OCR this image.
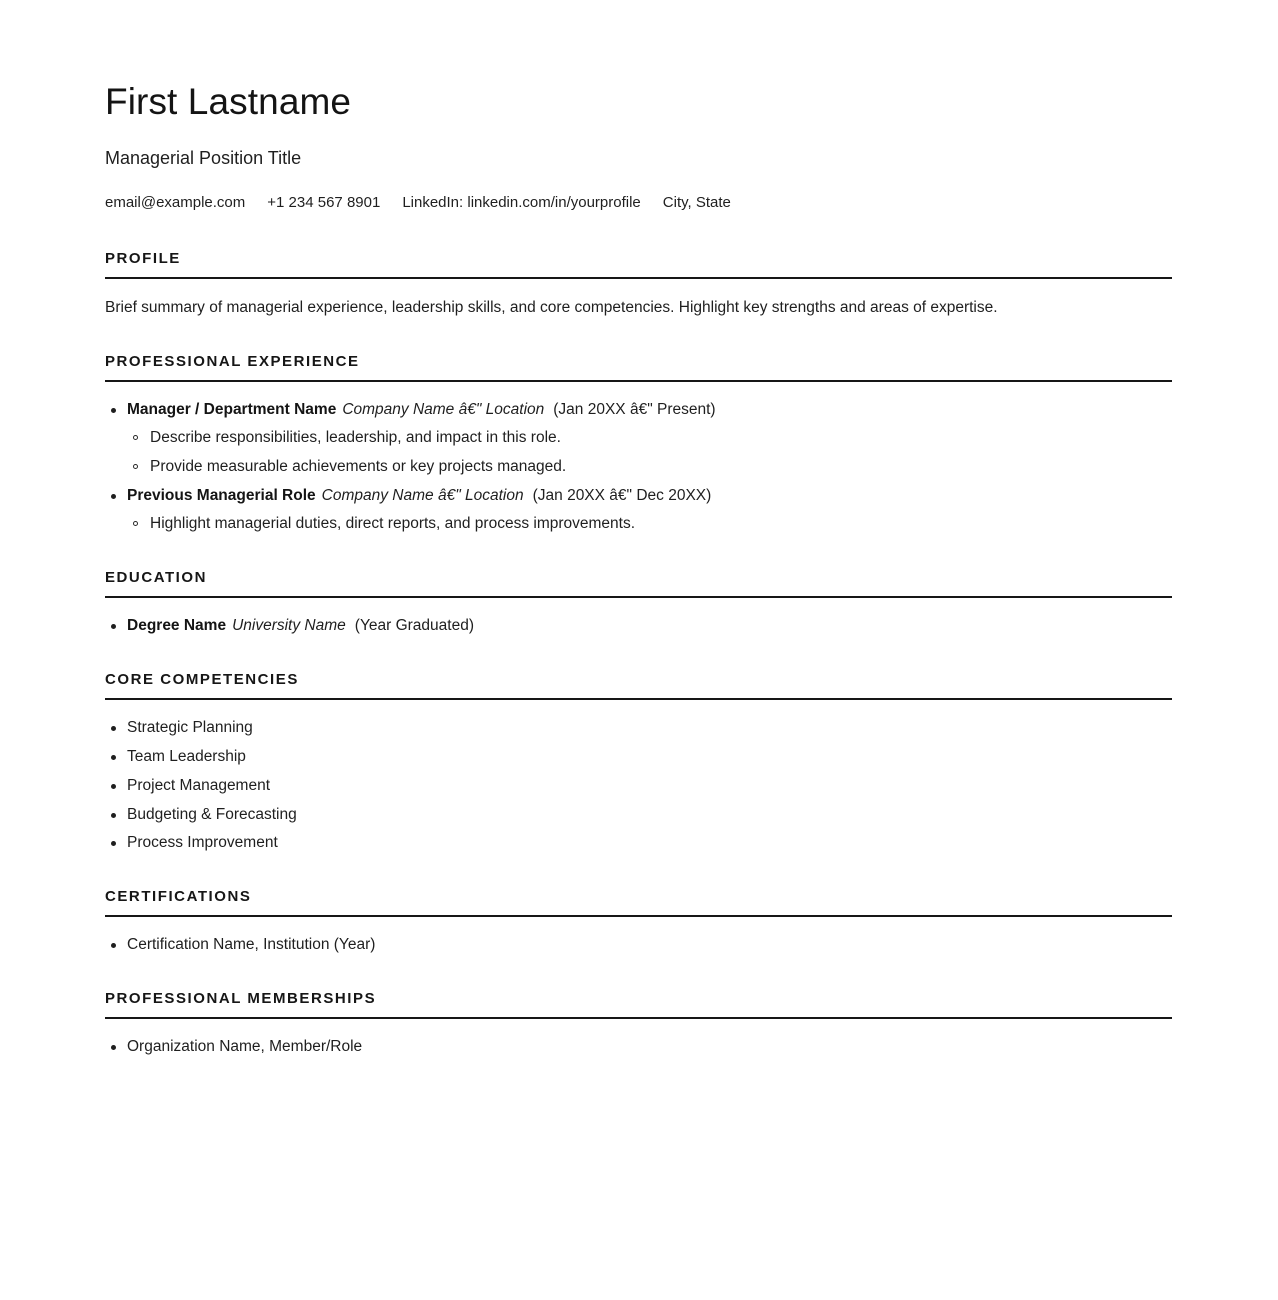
First Lastname
Managerial Position Title
email@example.com +1 234 567 8901 LinkedIn: linkedin.com/in/yourprofile City, State
PROFILE

Brief summary of managerial experience, leadership skills, and core competencies. Highlight key strengths and areas of expertise.

PROFESSIONAL EXPERIENCE
Manager / Department Name Company Name â€" Location (Jan 20XX â€" Present)
Describe responsibilities, leadership, and impact in this role.
Provide measurable achievements or key projects managed.
Previous Managerial Role Company Name â€" Location (Jan 20XX â€" Dec 20XX)
Highlight managerial duties, direct reports, and process improvements.
EDUCATION
Degree Name University Name (Year Graduated)
CORE COMPETENCIES
Strategic Planning
Team Leadership
Project Management
Budgeting & Forecasting
Process Improvement
CERTIFICATIONS
Certification Name, Institution (Year)
PROFESSIONAL MEMBERSHIPS
Organization Name, Member/Role
